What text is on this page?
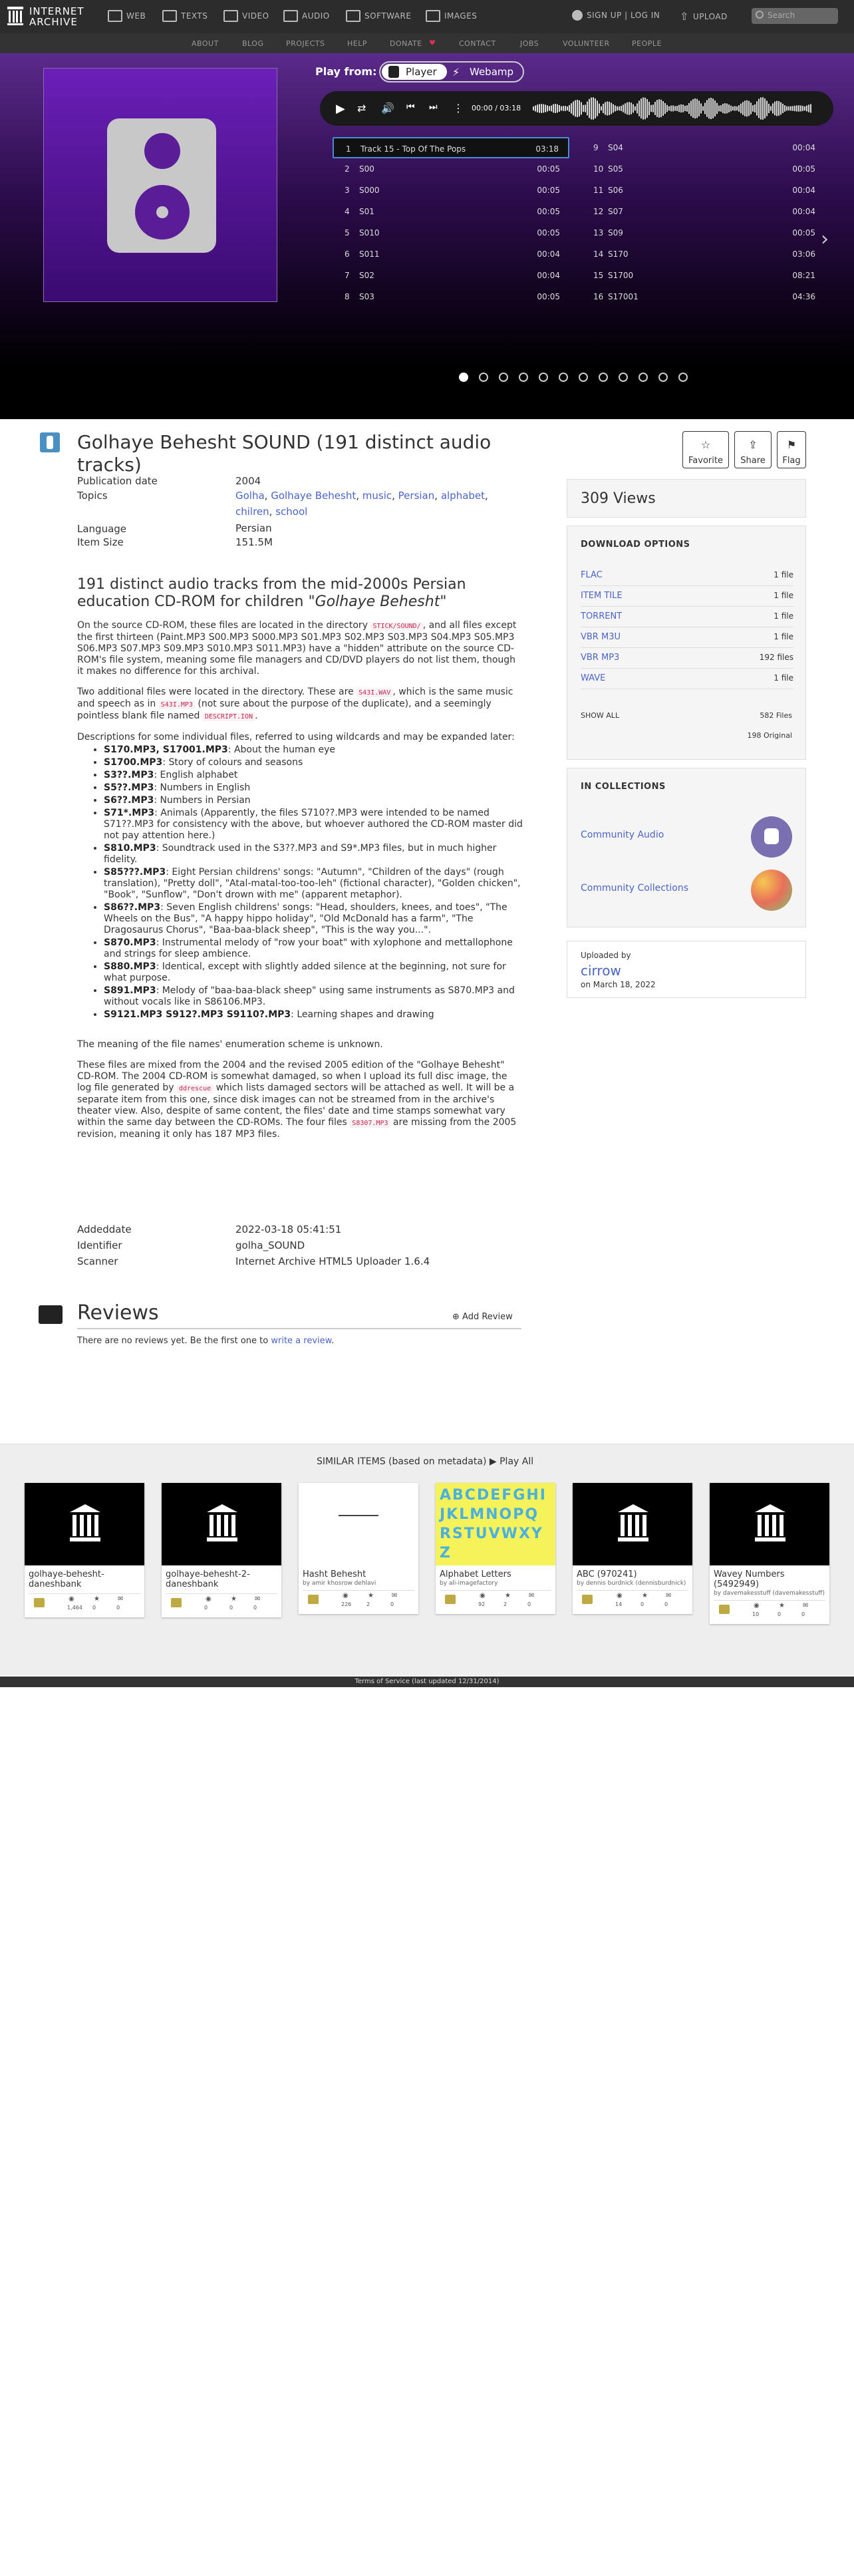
INTERNET
ARCHIVE	WEB	TEXTS	VIDEO	AUDIO	SOFTWARE	IMAGES	SIGN UP | LOG IN ⇧ UPLOAD	Search
ABOUT	BLOG	PROJECTS	HELP	DONATE ♥	CONTACT	JOBS	VOLUNTEER	PEOPLE
Play from:	Player	⚡ Webamp
▶ ⇄ 🔊 ⏮ ⏭ ⋮ 00:00 / 03:18
1 Track 15 - Top Of The Pops	03:18
2 S00	00:05
3 S000	00:05
4 S01	00:05
5 S010	00:05
6 S011	00:04
7 S02	00:04
8 S03	00:05
9 S04	00:04
10 S05	00:05
11 S06	00:04
12 S07	00:04
13 S09	00:05
14 S170	03:06
15 S1700	08:21
16 S17001	04:36
›
Golhaye Behesht SOUND (191 distinct audio tracks)
☆
Favorite
⇪
Share
⚑
Flag
Publication date	2004
Topics	Golha, Golhaye Behesht, music, Persian, alphabet, chilren, school
Language	Persian
Item Size	151.5M
191 distinct audio tracks from the mid-2000s Persian education CD-ROM for children "Golhaye Behesht"

On the source CD-ROM, these files are located in the directory STICK/SOUND/ , and all files except the first thirteen (Paint.MP3 S00.MP3 S000.MP3 S01.MP3 S02.MP3 S03.MP3 S04.MP3 S05.MP3 S06.MP3 S07.MP3 S09.MP3 S010.MP3 S011.MP3) have a "hidden" attribute on the source CD-ROM's file system, meaning some file managers and CD/DVD players do not list them, though it makes no difference for this archival.

Two additional files were located in the directory. These are S43I.WAV , which is the same music and speech as in S43I.MP3 (not sure about the purpose of the duplicate), and a seemingly pointless blank file named DESCRIPT.ION .

Descriptions for some individual files, referred to using wildcards and may be expanded later:

• S170.MP3, S17001.MP3: About the human eye
• S1700.MP3: Story of colours and seasons
• S3??.MP3: English alphabet
• S5??.MP3: Numbers in English
• S6??.MP3: Numbers in Persian
• S71*.MP3: Animals (Apparently, the files S710??.MP3 were intended to be named S71??.MP3 for consistency with the above, but whoever authored the CD-ROM master did not pay attention here.)
• S810.MP3: Soundtrack used in the S3??.MP3 and S9*.MP3 files, but in much higher fidelity.
• S85???.MP3: Eight Persian childrens' songs: "Autumn", "Children of the days" (rough translation), "Pretty doll", "Atal-matal-too-too-leh" (fictional character), "Golden chicken", "Book", "Sunflow", "Don't drown with me" (apparent metaphor).
• S86??.MP3: Seven English childrens' songs: "Head, shoulders, knees, and toes", "The Wheels on the Bus", "A happy hippo holiday", "Old McDonald has a farm", "The Dragosaurus Chorus", "Baa-baa-black sheep", "This is the way you...".
• S870.MP3: Instrumental melody of "row your boat" with xylophone and mettallophone and strings for sleep ambience.
• S880.MP3: Identical, except with slightly added silence at the beginning, not sure for what purpose.
• S891.MP3: Melody of "baa-baa-black sheep" using same instruments as S870.MP3 and without vocals like in S86106.MP3.
• S9121.MP3 S912?.MP3 S9110?.MP3: Learning shapes and drawing

The meaning of the file names' enumeration scheme is unknown.

These files are mixed from the 2004 and the revised 2005 edition of the "Golhaye Behesht" CD-ROM. The 2004 CD-ROM is somewhat damaged, so when I upload its full disc image, the log file generated by ddrescue which lists damaged sectors will be attached as well. It will be a separate item from this one, since disk images can not be streamed from in the archive's theater view. Also, despite of same content, the files' date and time stamps somewhat vary within the same day between the CD-ROMs. The four files S8307.MP3 are missing from the 2005 revision, meaning it only has 187 MP3 files.

Addeddate	2022-03-18 05:41:51
Identifier	golha_SOUND
Scanner	Internet Archive HTML5 Uploader 1.6.4
Reviews	⊕ Add Review
There are no reviews yet. Be the first one to write a review.
309 Views
DOWNLOAD OPTIONS
FLAC	1 file
ITEM TILE	1 file
TORRENT	1 file
VBR M3U	1 file
VBR MP3	192 files
WAVE	1 file
SHOW ALL	582 Files
198 Original
IN COLLECTIONS
Community Audio
Community Collections
Uploaded by
cirrow
on March 18, 2022
SIMILAR ITEMS (based on metadata) ▶ Play All
golhaye-behesht-daneshbank
◉
1,464
★
0
✉
0
golhaye-behesht-2-daneshbank
◉
0
★
0
✉
0
Hasht Behesht
by amir khosrow dehlavi
◉
226
★
2
✉
0
ABCDEFGHIJKLMNOPQRSTUVWXYZ
Alphabet Letters
by ali-imagefactory
◉
92
★
2
✉
0
ABC (970241)
by dennis burdnick (dennisburdnick)
◉
14
★
0
✉
0
Wavey Numbers (5492949)
by davemakesstuff (davemakesstuff)
◉
10
★
0
✉
0
Terms of Service (last updated 12/31/2014)
